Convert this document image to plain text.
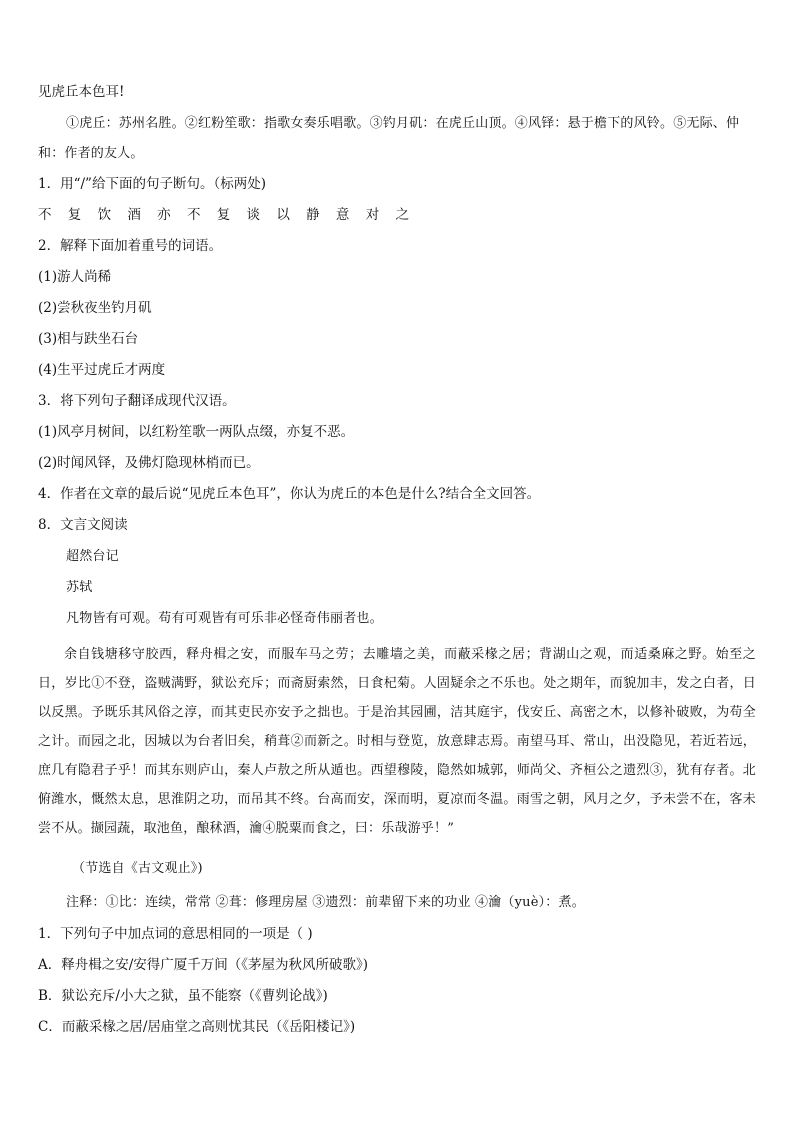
见虎丘本色耳!
①虎丘：苏州名胜。②红粉笙歌：指歌女奏乐唱歌。③钓月矶：在虎丘山顶。④风铎：悬于檐下的风铃。⑤无际、仲
和：作者的友人。
1．用“/”给下面的句子断句。（标两处)
不 复 饮 酒 亦 不 复 谈 以 静 意 对 之
2．解释下面加着重号的词语。
(1)游人尚稀
(2)尝秋夜坐钓月矶
(3)相与趺坐石台
(4)生平过虎丘才两度
3．将下列句子翻译成现代汉语。
(1)风亭月树间，以红粉笙歌一两队点缀，亦复不恶。
(2)时闻风铎，及佛灯隐现林梢而已。
4．作者在文章的最后说“见虎丘本色耳”，你认为虎丘的本色是什么?结合全文回答。
8．文言文阅读
超然台记
苏轼
凡物皆有可观。苟有可观皆有可乐非必怪奇伟丽者也。

余自钱塘移守胶西，释舟楫之安，而服车马之劳；去雕墙之美，而蔽采椽之居；背湖山之观，而适桑麻之野。始至之日，岁比①不登，盗贼满野，狱讼充斥；而斋厨索然，日食杞菊。人固疑余之不乐也。处之期年，而貌加丰，发之白者，日以反黑。予既乐其风俗之淳，而其吏民亦安予之拙也。于是治其园圃，洁其庭宇，伐安丘、高密之木，以修补破败，为苟全之计。而园之北，因城以为台者旧矣，稍葺②而新之。时相与登览，放意肆志焉。南望马耳、常山，出没隐见，若近若远，庶几有隐君子乎！而其东则庐山，秦人卢敖之所从遁也。西望穆陵，隐然如城郭，师尚父、齐桓公之遗烈③，犹有存者。北俯潍水，慨然太息，思淮阴之功，而吊其不终。台高而安，深而明，夏凉而冬温。雨雪之朝，风月之夕，予未尝不在，客未尝不从。撷园蔬，取池鱼，酿秫酒，瀹④脱粟而食之，曰：乐哉游乎！”

（节选自《古文观止》)
注释：①比：连续，常常 ②葺：修理房屋 ③遗烈：前辈留下来的功业 ④瀹（yuè）：煮。
1．下列句子中加点词的意思相同的一项是（ )
A．释舟楫之安/安得广厦千万间（《茅屋为秋风所破歌》)
B．狱讼充斥/小大之狱，虽不能察（《曹刿论战》)
C．而蔽采椽之居/居庙堂之高则忧其民（《岳阳楼记》)
